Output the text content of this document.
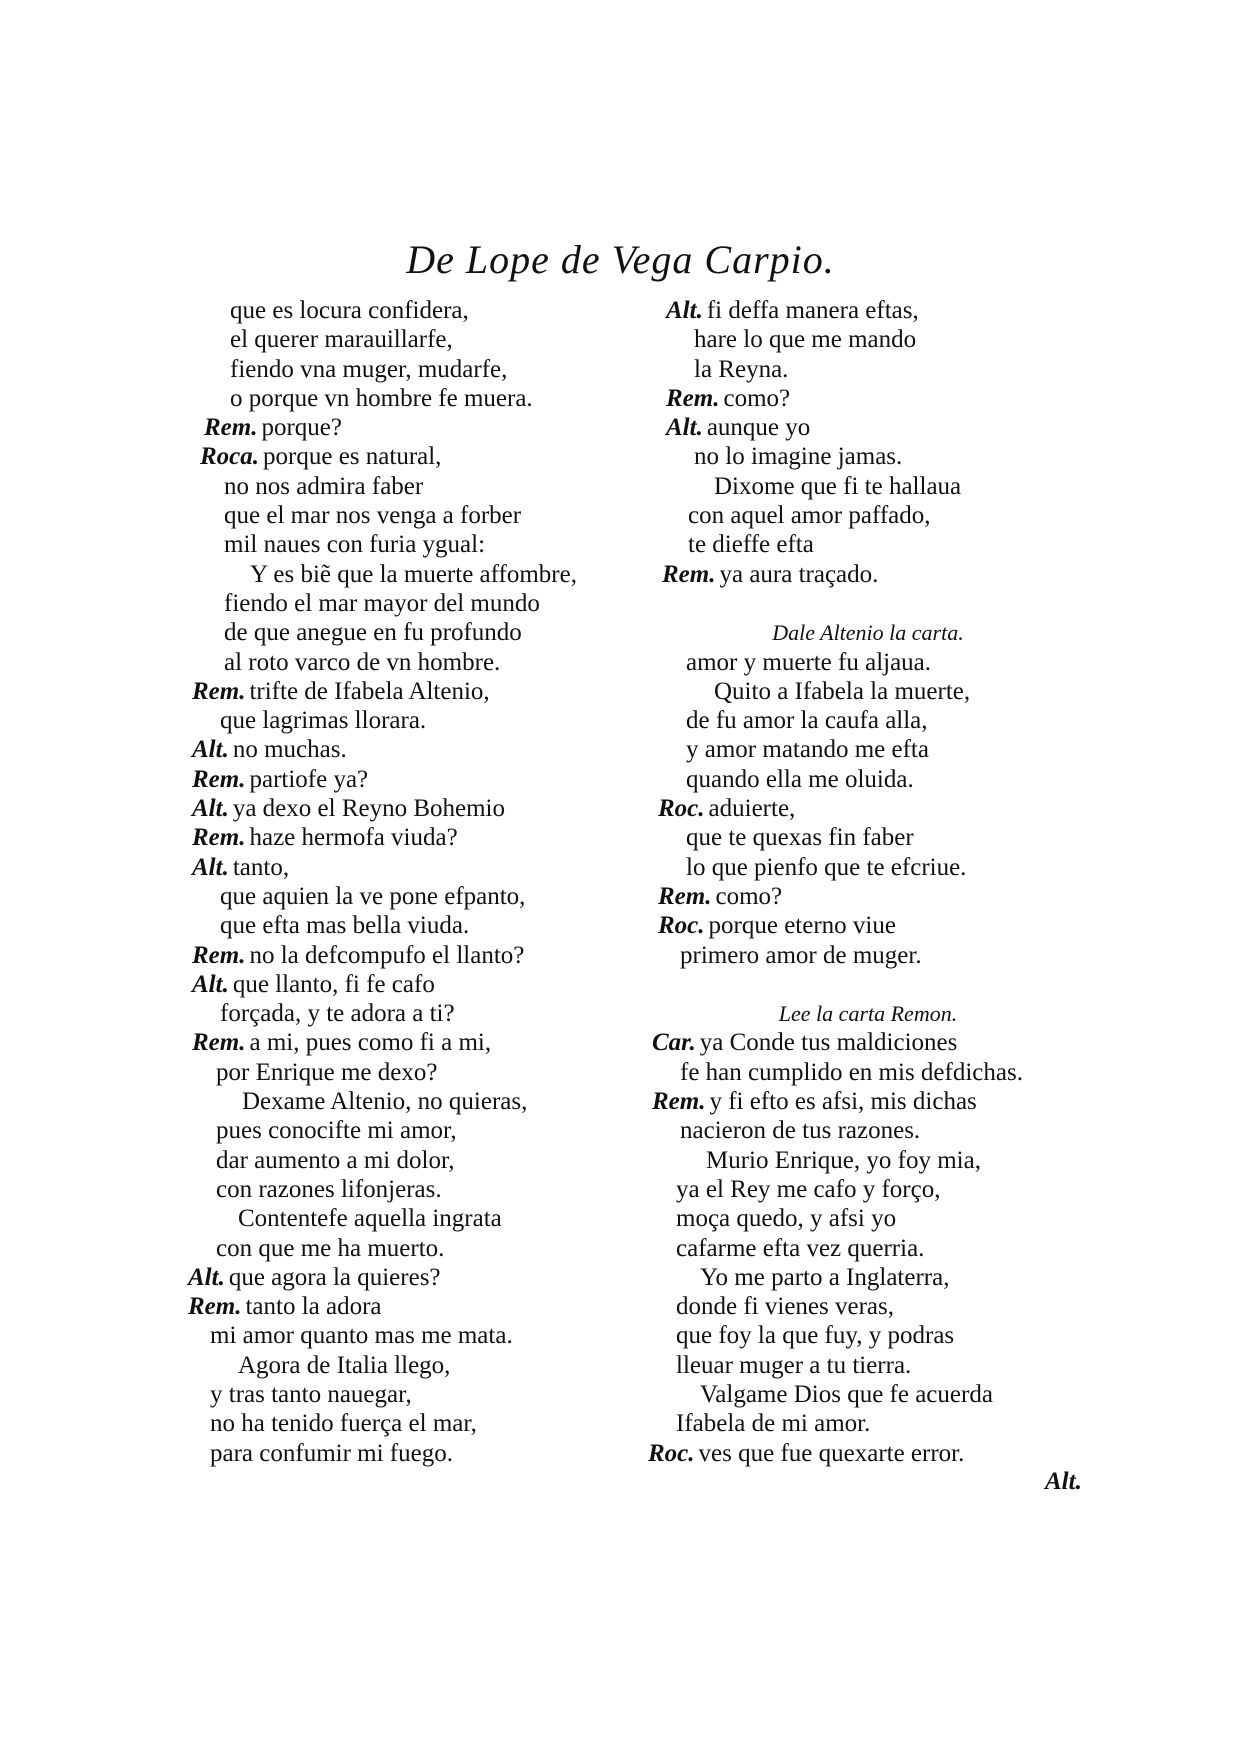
De Lope de Vega Carpio.
que es locura confidera,
el querer marauillarfe,
fiendo vna muger, mudarfe,
o porque vn hombre fe muera.
Rem. porque?
Roca. porque es natural,
no nos admira faber
que el mar nos venga a forber
mil naues con furia ygual:
Y es biẽ que la muerte affombre,
fiendo el mar mayor del mundo
de que anegue en fu profundo
al roto varco de vn hombre.
Rem. trifte de Ifabela Altenio,
que lagrimas llorara.
Alt. no muchas.
Rem. partiofe ya?
Alt. ya dexo el Reyno Bohemio
Rem. haze hermofa viuda?
Alt. tanto,
que aquien la ve pone efpanto,
que efta mas bella viuda.
Rem. no la defcompufo el llanto?
Alt. que llanto, fi fe cafo
forçada, y te adora a ti?
Rem. a mi, pues como fi a mi,
por Enrique me dexo?
Dexame Altenio, no quieras,
pues conocifte mi amor,
dar aumento a mi dolor,
con razones lifonjeras.
Contentefe aquella ingrata
con que me ha muerto.
Alt. que agora la quieres?
Rem. tanto la adora
mi amor quanto mas me mata.
Agora de Italia llego,
y tras tanto nauegar,
no ha tenido fuerça el mar,
para confumir mi fuego.
Alt. fi deffa manera eftas,
hare lo que me mando
la Reyna.
Rem. como?
Alt. aunque yo
no lo imagine jamas.
Dixome que fi te hallaua
con aquel amor paffado,
te dieffe efta
Rem. ya aura traçado.
Dale Altenio la carta.
amor y muerte fu aljaua.
Quito a Ifabela la muerte,
de fu amor la caufa alla,
y amor matando me efta
quando ella me oluida.
Roc. aduierte,
que te quexas fin faber
lo que pienfo que te efcriue.
Rem. como?
Roc. porque eterno viue
primero amor de muger.
Lee la carta Remon.
Car. ya Conde tus maldiciones
fe han cumplido en mis defdichas.
Rem. y fi efto es afsi, mis dichas
nacieron de tus razones.
Murio Enrique, yo foy mia,
ya el Rey me cafo y forço,
moça quedo, y afsi yo
cafarme efta vez querria.
Yo me parto a Inglaterra,
donde fi vienes veras,
que foy la que fuy, y podras
lleuar muger a tu tierra.
Valgame Dios que fe acuerda
Ifabela de mi amor.
Roc. ves que fue quexarte error.
Alt.
